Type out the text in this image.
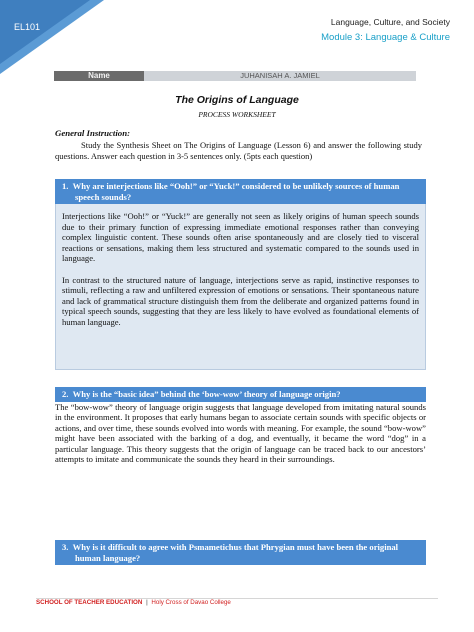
EL101	Language, Culture, and Society
Module 3: Language & Culture
Name	JUHANISAH A. JAMIEL
The Origins of Language
PROCESS WORKSHEET
General Instruction:
Study the Synthesis Sheet on The Origins of Language (Lesson 6) and answer the following study questions. Answer each question in 3-5 sentences only. (5pts each question)
1. Why are interjections like “Ooh!” or “Yuck!” considered to be unlikely sources of human speech sounds?

Interjections like “Ooh!” or “Yuck!” are generally not seen as likely origins of human speech sounds due to their primary function of expressing immediate emotional responses rather than conveying complex linguistic content. These sounds often arise spontaneously and are closely tied to visceral reactions or sensations, making them less structured and systematic compared to the sounds used in language.

In contrast to the structured nature of language, interjections serve as rapid, instinctive responses to stimuli, reflecting a raw and unfiltered expression of emotions or sensations. Their spontaneous nature and lack of grammatical structure distinguish them from the deliberate and organized patterns found in typical speech sounds, suggesting that they are less likely to have evolved as foundational elements of human language.

2. Why is the “basic idea” behind the ‘bow-wow’ theory of language origin?

The “bow-wow” theory of language origin suggests that language developed from imitating natural sounds in the environment. It proposes that early humans began to associate certain sounds with specific objects or actions, and over time, these sounds evolved into words with meaning. For example, the sound “bow-wow” might have been associated with the barking of a dog, and eventually, it became the word “dog” in a particular language. This theory suggests that the origin of language can be traced back to our ancestors’ attempts to imitate and communicate the sounds they heard in their surroundings.

3. Why is it difficult to agree with Psmametichus that Phrygian must have been the original human language?
SCHOOL OF TEACHER EDUCATION | Holy Cross of Davao College
